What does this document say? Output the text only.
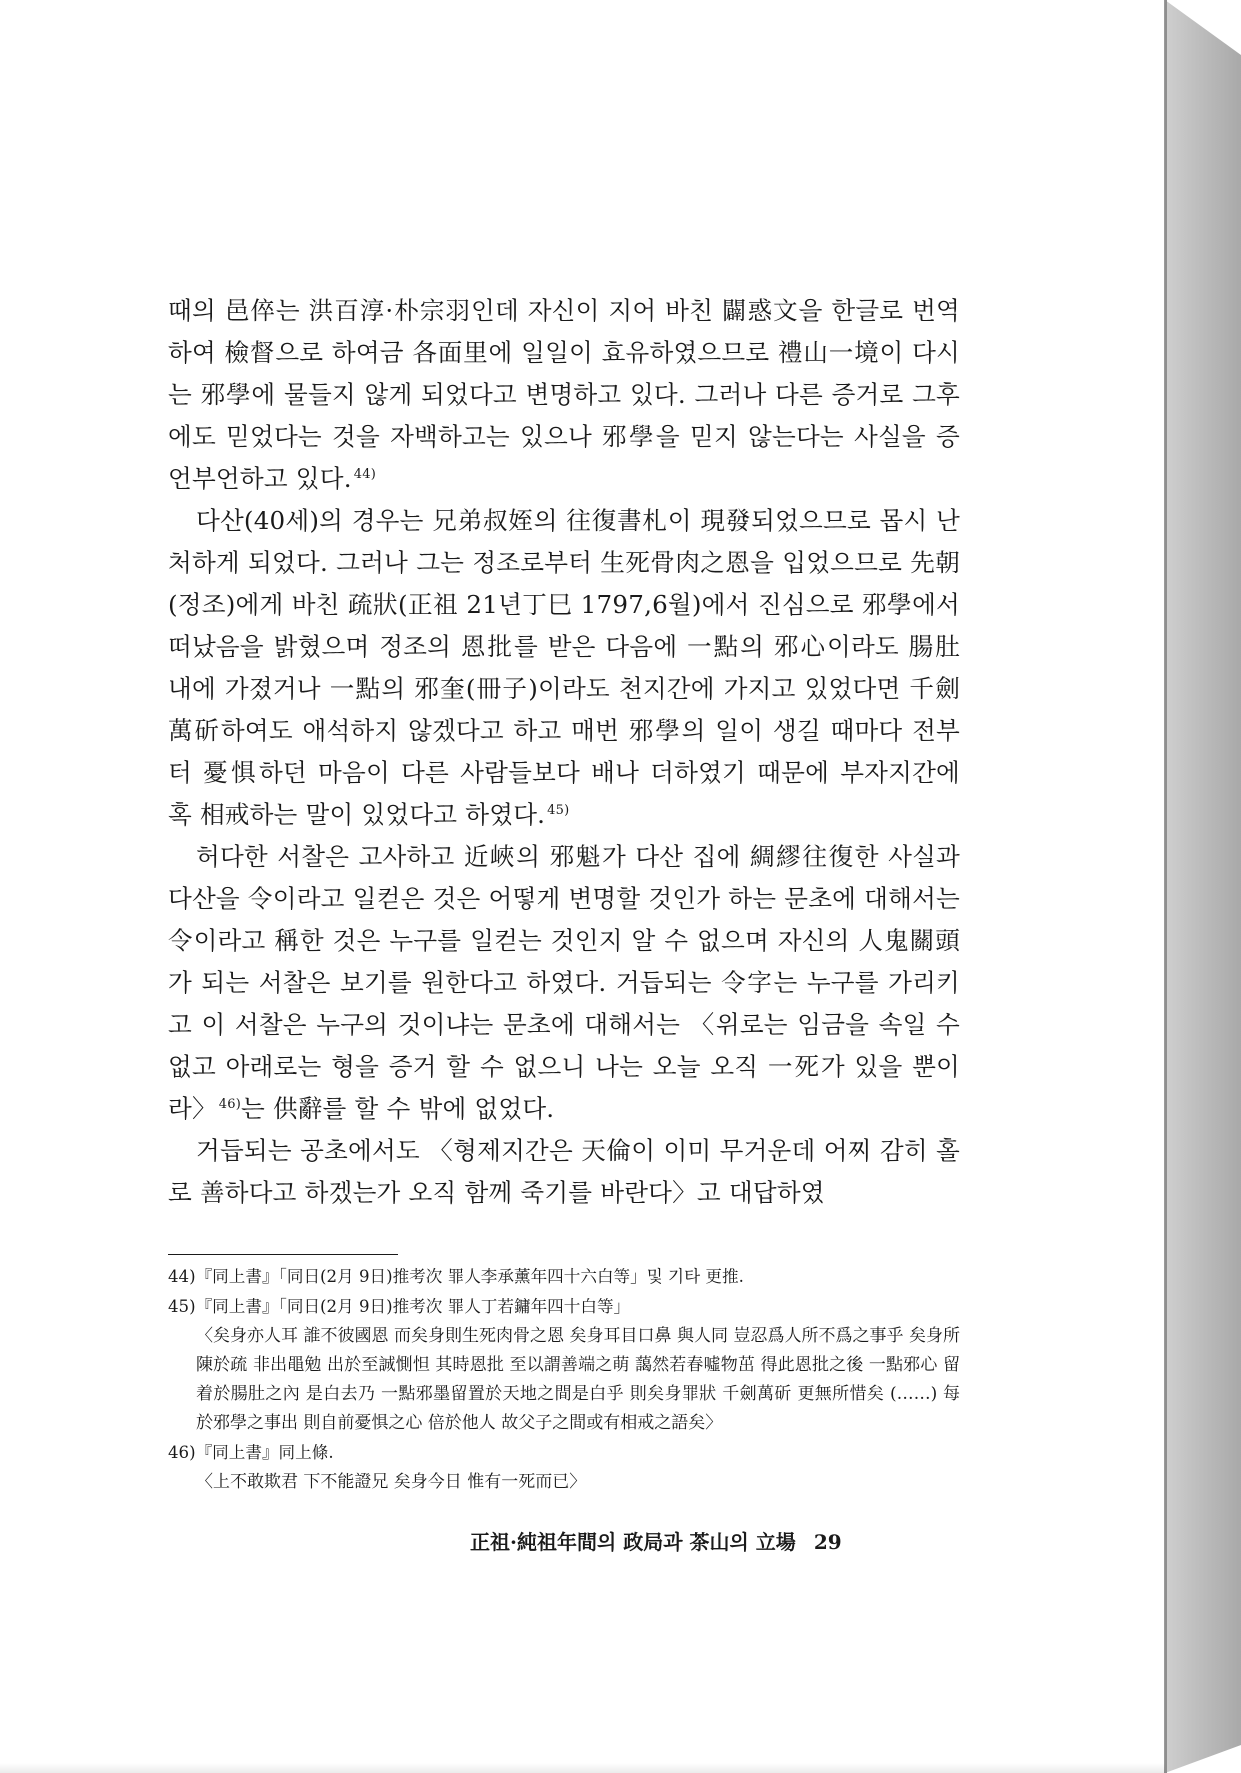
때의 邑倅는 洪百淳·朴宗羽인데 자신이 지어 바친 闢惑文을 한글로 번역하여 檢督으로 하여금 各面里에 일일이 효유하였으므로 禮山一境이 다시는 邪學에 물들지 않게 되었다고 변명하고 있다. 그러나 다른 증거로 그후에도 믿었다는 것을 자백하고는 있으나 邪學을 믿지 않는다는 사실을 증언부언하고 있다. $^{44)}$

다산(40세)의 경우는 兄弟叔姪의 往復書札이 現發되었으므로 몹시 난처하게 되었다. 그러나 그는 정조로부터 生死骨肉之恩을 입었으므로 先朝(정조)에게 바친 疏狀(正祖 21년丁巳 1797,6월)에서 진심으로 邪學에서 떠났음을 밝혔으며 정조의 恩批를 받은 다음에 一點의 邪心이라도 腸肚 내에 가졌거나 一點의 邪奎(冊子)이라도 천지간에 가지고 있었다면 千劍 萬斫하여도 애석하지 않겠다고 하고 매번 邪學의 일이 생길 때마다 전부터 憂惧하던 마음이 다른 사람들보다 배나 더하였기 때문에 부자지간에 혹 相戒하는 말이 있었다고 하였다. $^{45)}$

허다한 서찰은 고사하고 近峽의 邪魁가 다산 집에 綢繆往復한 사실과 다산을 令이라고 일컫은 것은 어떻게 변명할 것인가 하는 문초에 대해서는 令이라고 稱한 것은 누구를 일컫는 것인지 알 수 없으며 자신의 人鬼關頭가 되는 서찰은 보기를 원한다고 하였다. 거듭되는 令字는 누구를 가리키고 이 서찰은 누구의 것이냐는 문초에 대해서는 〈위로는 임금을 속일 수 없고 아래로는 형을 증거 할 수 없으니 나는 오늘 오직 一死가 있을 뿐이라〉 $^{46)}$는 供辭를 할 수 밖에 없었다.

거듭되는 공초에서도 〈형제지간은 天倫이 이미 무거운데 어찌 감히 홀로 善하다고 하겠는가 오직 함께 죽기를 바란다〉고 대답하였

44)『同上書』「同日(2月 9日)推考次 罪人李承薰年四十六白等」및 기타 更推.

45)『同上書』「同日(2月 9日)推考次 罪人丁若鏞年四十白等」

〈矣身亦人耳 誰不彼國恩 而矣身則生死肉骨之恩 矣身耳目口鼻 與人同 豈忍爲人所不爲之事乎 矣身所陳於疏 非出黽勉 出於至誠惻怛 其時恩批 至以謂善端之萌 藹然若春噓物茁 得此恩批之後 一點邪心 留着於腸肚之內 是白去乃 一點邪墨留置於天地之間是白乎 則矣身罪狀 千劍萬斫 更無所惜矣 (……) 每於邪學之事出 則自前憂惧之心 倍於他人 故父子之間或有相戒之語矣〉

46)『同上書』同上條.

〈上不敢欺君 下不能證兄 矣身今日 惟有一死而已〉

正祖·純祖年間의 政局과 茶山의 立場 29
